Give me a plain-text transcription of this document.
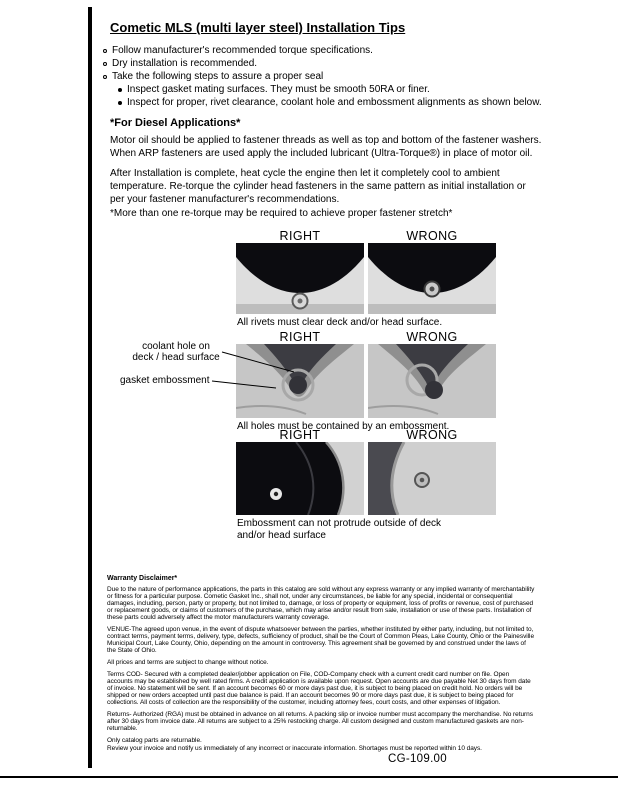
Cometic MLS (multi layer steel) Installation Tips
Follow manufacturer's recommended torque specifications.
Dry installation is recommended.
Take the following steps to assure a proper seal
Inspect gasket mating surfaces. They must be smooth 50RA or finer.
Inspect for proper, rivet clearance, coolant hole and embossment alignments as shown below.
*For Diesel Applications*

Motor oil should be applied to fastener threads as well as top and bottom of the fastener washers. When ARP fasteners are used apply the included lubricant (Ultra-Torque®) in place of motor oil.

After Installation is complete, heat cycle the engine then let it completely cool to ambient temperature. Re-torque the cylinder head fasteners in the same pattern as initial installation or per your fastener manufacturer's recommendations.

*More than one re-torque may be required to achieve proper fastener stretch*

RIGHT	WRONG

All rivets must clear deck and/or head surface.

RIGHT	WRONG
coolant hole on
deck / head surface
gasket embossment

All holes must be contained by an embossment.

RIGHT	WRONG

Embossment can not protrude outside of deck
and/or head surface

Warranty Disclaimer*

Due to the nature of performance applications, the parts in this catalog are sold without any express warranty or any implied warranty of merchantability or fitness for a particular purpose. Cometic Gasket Inc., shall not, under any circumstances, be liable for any special, incidental or consequential damages, including, person, party or property, but not limited to, damage, or loss of property or equipment, loss of profits or revenue, cost of purchased or replacement goods, or claims of customers of the purchase, which may arise and/or result from sale, installation or use of these parts. Installation of these parts could adversely affect the motor manufacturers warranty coverage.

VENUE-The agreed upon venue, in the event of dispute whatsoever between the parties, whether instituted by either party, including, but not limited to, contract terms, payment terms, delivery, type, defects, sufficiency of product, shall be the Court of Common Pleas, Lake County, Ohio or the Painesville Municipal Court, Lake County, Ohio, depending on the amount in controversy. This agreement shall be governed by and construed under the laws of the State of Ohio.

All prices and terms are subject to change without notice.

Terms COD- Secured with a completed dealer/jobber application on File, COD-Company check with a current credit card number on file. Open accounts may be established by well rated firms. A credit application is available upon request. Open accounts are due payable Net 30 days from date of invoice. No statement will be sent. If an account becomes 60 or more days past due, it is subject to being placed on credit hold. No orders will be shipped or new orders accepted until past due balance is paid. If an account becomes 90 or more days past due, it is subject to being placed for collections. All costs of collection are the responsibility of the customer, including attorney fees, court costs, and other expenses of litigation.

Returns- Authorized (RGA) must be obtained in advance on all returns. A packing slip or invoice number must accompany the merchandise. No returns after 30 days from invoice date. All returns are subject to a 25% restocking charge. All custom designed and custom manufactured gaskets are non-returnable.

Only catalog parts are returnable.

Review your invoice and notify us immediately of any incorrect or inaccurate information. Shortages must be reported within 10 days.

CG-109.00
